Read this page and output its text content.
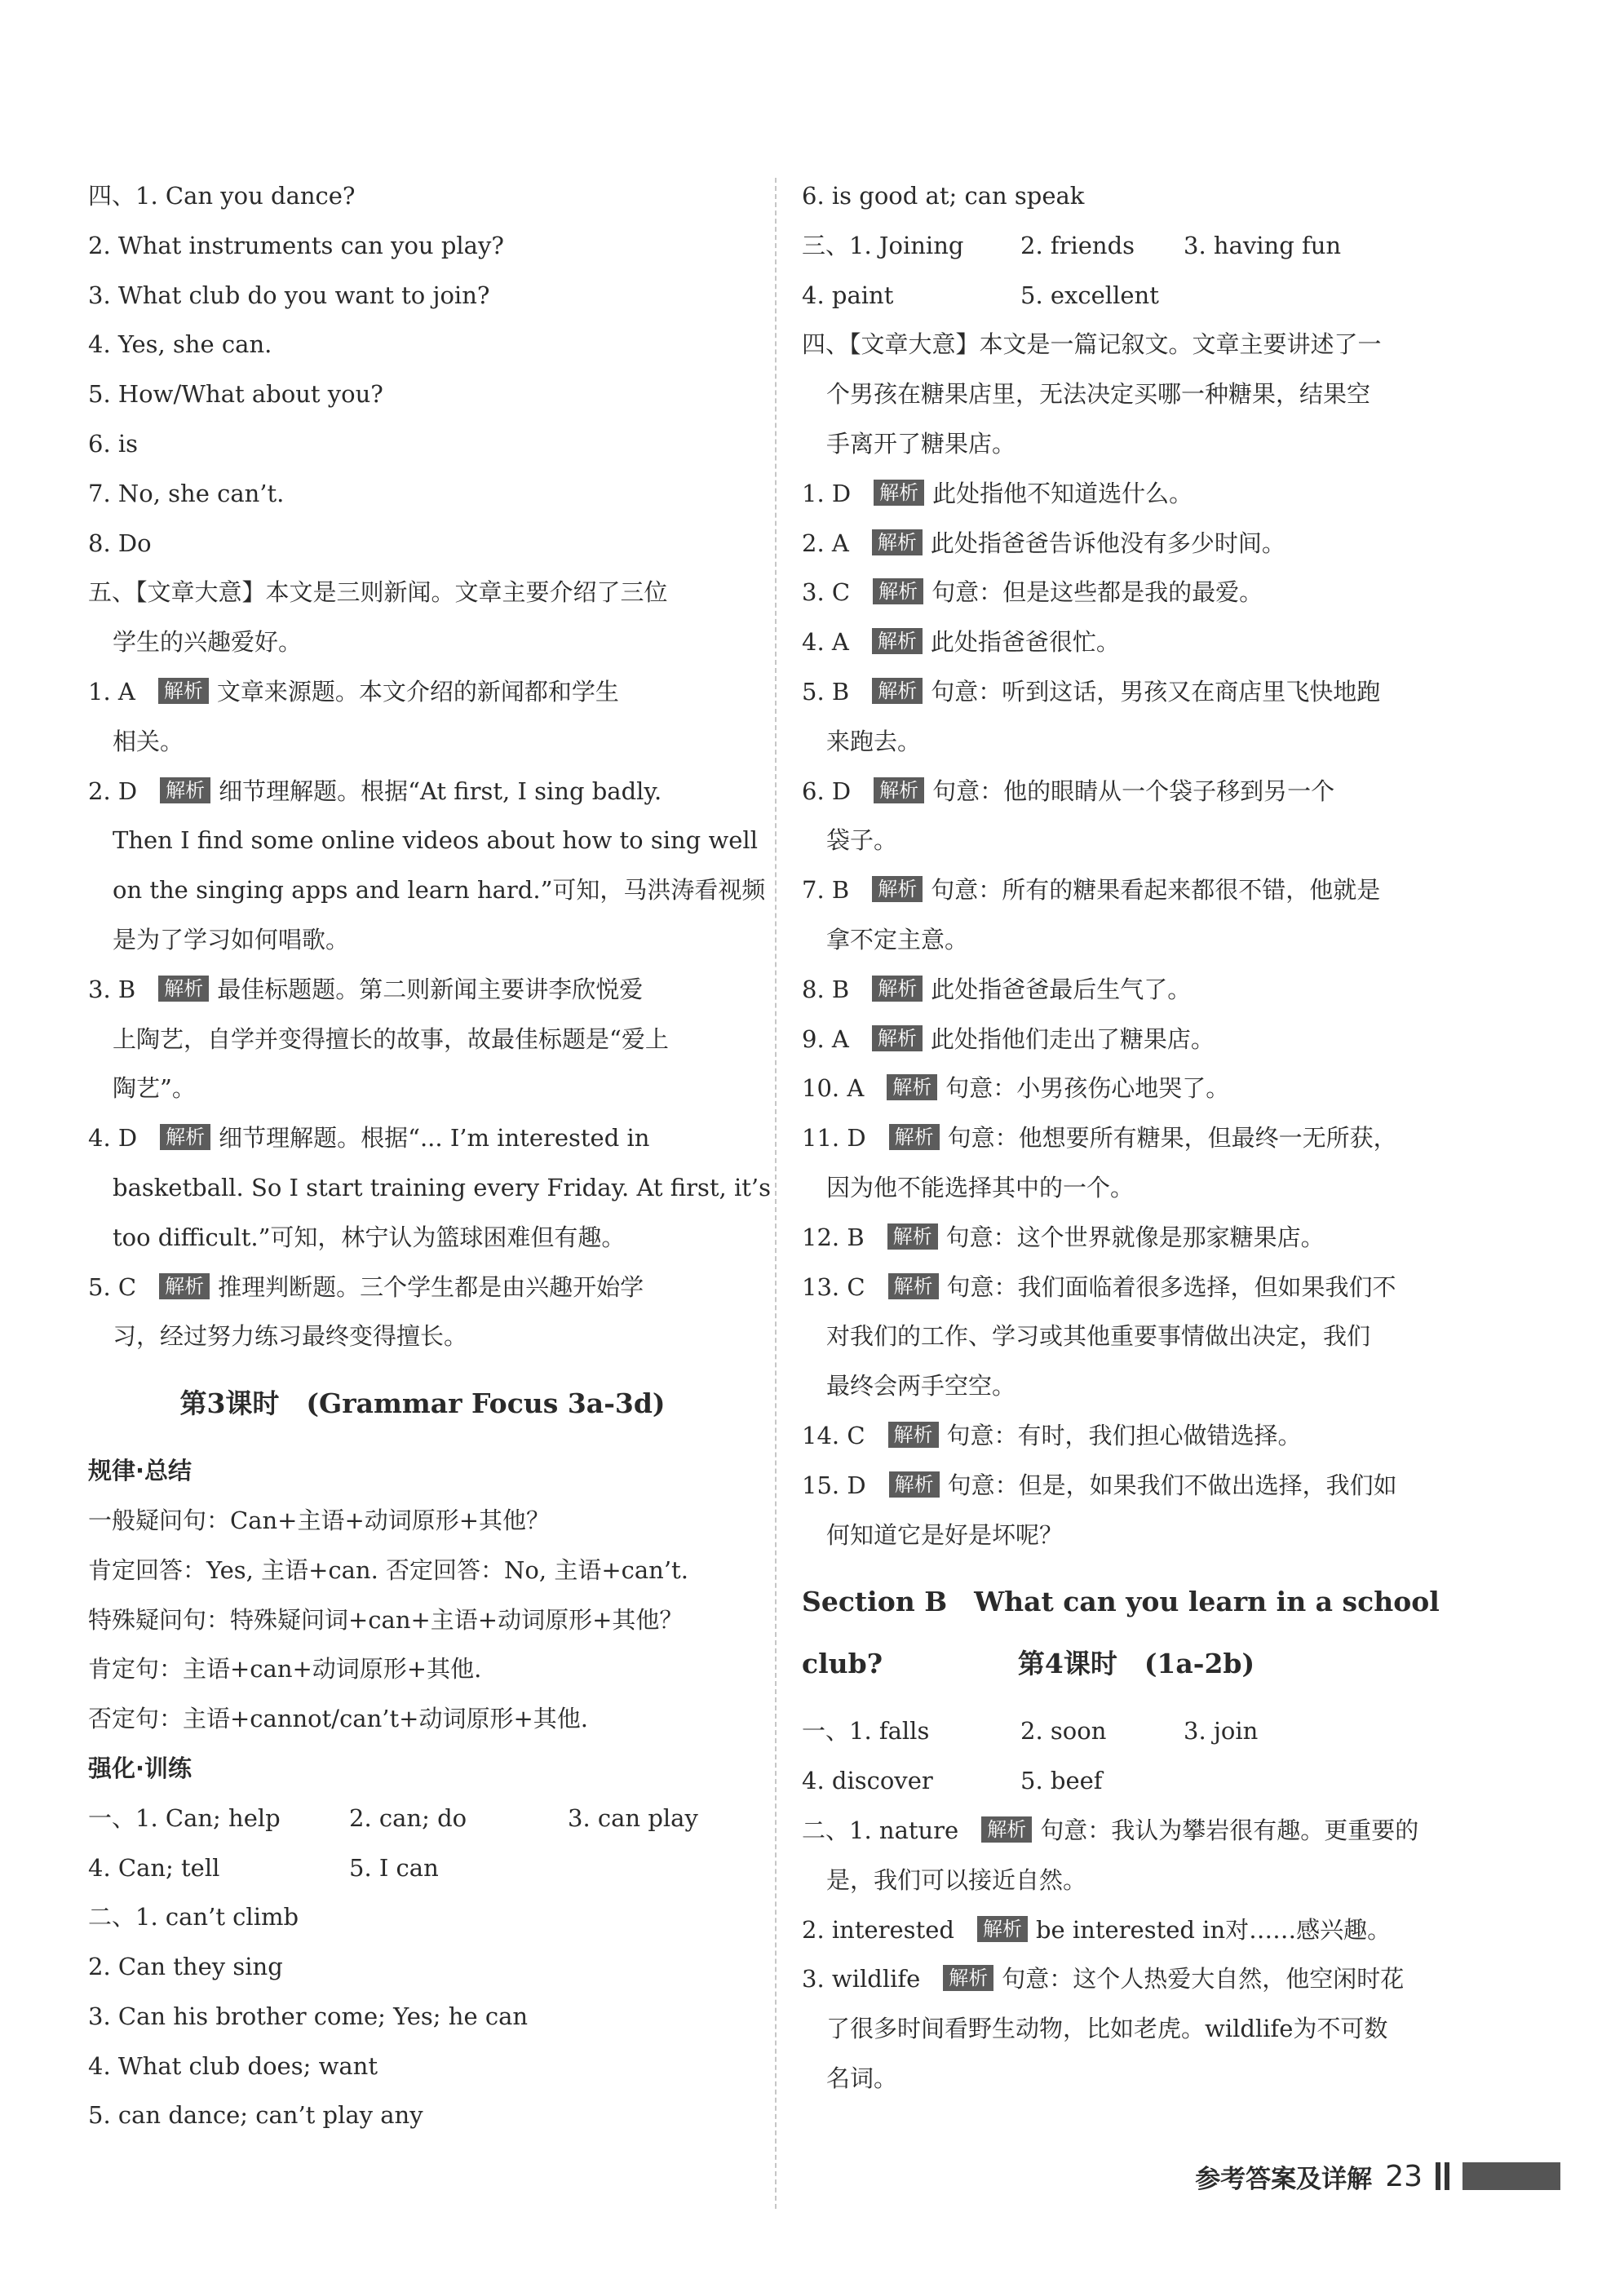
四、1. Can you dance?
2. What instruments can you play?
3. What club do you want to join?
4. Yes, she can.
5. How/What about you?
6. is
7. No, she can’t.
8. Do
五、【文章大意】本文是三则新闻。文章主要介绍了三位
学生的兴趣爱好。
1. A 解析 文章来源题。本文介绍的新闻都和学生
相关。
2. D 解析 细节理解题。根据“At first, I sing badly.
Then I find some online videos about how to sing well
on the singing apps and learn hard.”可知，马洪涛看视频
是为了学习如何唱歌。
3. B 解析 最佳标题题。第二则新闻主要讲李欣悦爱
上陶艺，自学并变得擅长的故事，故最佳标题是“爱上
陶艺”。
4. D 解析 细节理解题。根据“... I’m interested in
basketball. So I start training every Friday. At first, it’s
too difficult.”可知，林宁认为篮球困难但有趣。
5. C 解析 推理判断题。三个学生都是由兴趣开始学
习，经过努力练习最终变得擅长。
第3课时　(Grammar Focus 3a-3d)
规律·总结
一般疑问句：Can+主语+动词原形+其他？
肯定回答：Yes, 主语+can. 否定回答：No, 主语+can’t.
特殊疑问句：特殊疑问词+can+主语+动词原形+其他？
肯定句：主语+can+动词原形+其他.
否定句：主语+cannot/can’t+动词原形+其他.
强化·训练
一、1. Can; help	2. can; do	3. can play
4. Can; tell	5. I can
二、1. can’t climb
2. Can they sing
3. Can his brother come; Yes; he can
4. What club does; want
5. can dance; can’t play any
6. is good at; can speak
三、1. Joining	2. friends	3. having fun
4. paint	5. excellent
四、【文章大意】本文是一篇记叙文。文章主要讲述了一
个男孩在糖果店里，无法决定买哪一种糖果，结果空
手离开了糖果店。
1. D 解析 此处指他不知道选什么。
2. A 解析 此处指爸爸告诉他没有多少时间。
3. C 解析 句意：但是这些都是我的最爱。
4. A 解析 此处指爸爸很忙。
5. B 解析 句意：听到这话，男孩又在商店里飞快地跑
来跑去。
6. D 解析 句意：他的眼睛从一个袋子移到另一个
袋子。
7. B 解析 句意：所有的糖果看起来都很不错，他就是
拿不定主意。
8. B 解析 此处指爸爸最后生气了。
9. A 解析 此处指他们走出了糖果店。
10. A 解析 句意：小男孩伤心地哭了。
11. D 解析 句意：他想要所有糖果，但最终一无所获，
因为他不能选择其中的一个。
12. B 解析 句意：这个世界就像是那家糖果店。
13. C 解析 句意：我们面临着很多选择，但如果我们不
对我们的工作、学习或其他重要事情做出决定，我们
最终会两手空空。
14. C 解析 句意：有时，我们担心做错选择。
15. D 解析 句意：但是，如果我们不做出选择，我们如
何知道它是好是坏呢？
Section B　What can you learn in a school club?	第4课时　(1a-2b)
一、1. falls	2. soon	3. join
4. discover	5. beef
二、1. nature 解析 句意：我认为攀岩很有趣。更重要的
是，我们可以接近自然。
2. interested 解析 be interested in对……感兴趣。
3. wildlife 解析 句意：这个人热爱大自然，他空闲时花
了很多时间看野生动物，比如老虎。wildlife为不可数
名词。
参考答案及详解 23
